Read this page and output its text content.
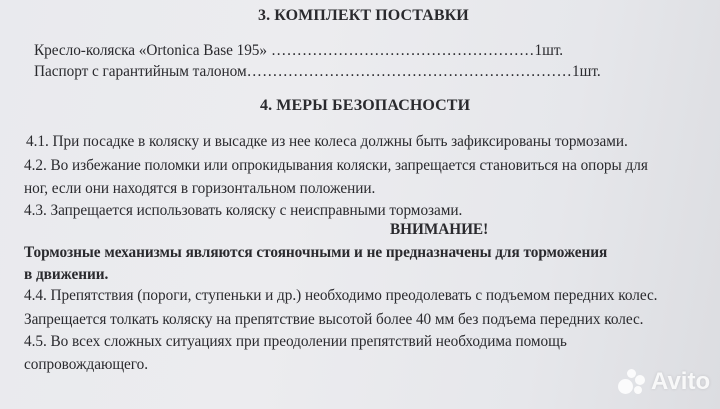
3. КОМПЛЕКТ ПОСТАВКИ
Кресло-коляска «Ortonica Base 195» ……………………………………………1шт.
Паспорт с гарантийным талоном………………………………………………………1шт.
4. МЕРЫ БЕЗОПАСНОСТИ
4.1. При посадке в коляску и высадке из нее колеса должны быть зафиксированы тормозами.
4.2. Во избежание поломки или опрокидывания коляски, запрещается становиться на опоры для
ног, если они находятся в горизонтальном положении.
4.3. Запрещается использовать коляску с неисправными тормозами.
ВНИМАНИЕ!
Тормозные механизмы являются стояночными и не предназначены для торможения
в движении.
4.4. Препятствия (пороги, ступеньки и др.) необходимо преодолевать с подъемом передних колес.
Запрещается толкать коляску на препятствие высотой более 40 мм без подъема передних колес.
4.5. Во всех сложных ситуациях при преодолении препятствий необходима помощь
сопровождающего.
Avito
